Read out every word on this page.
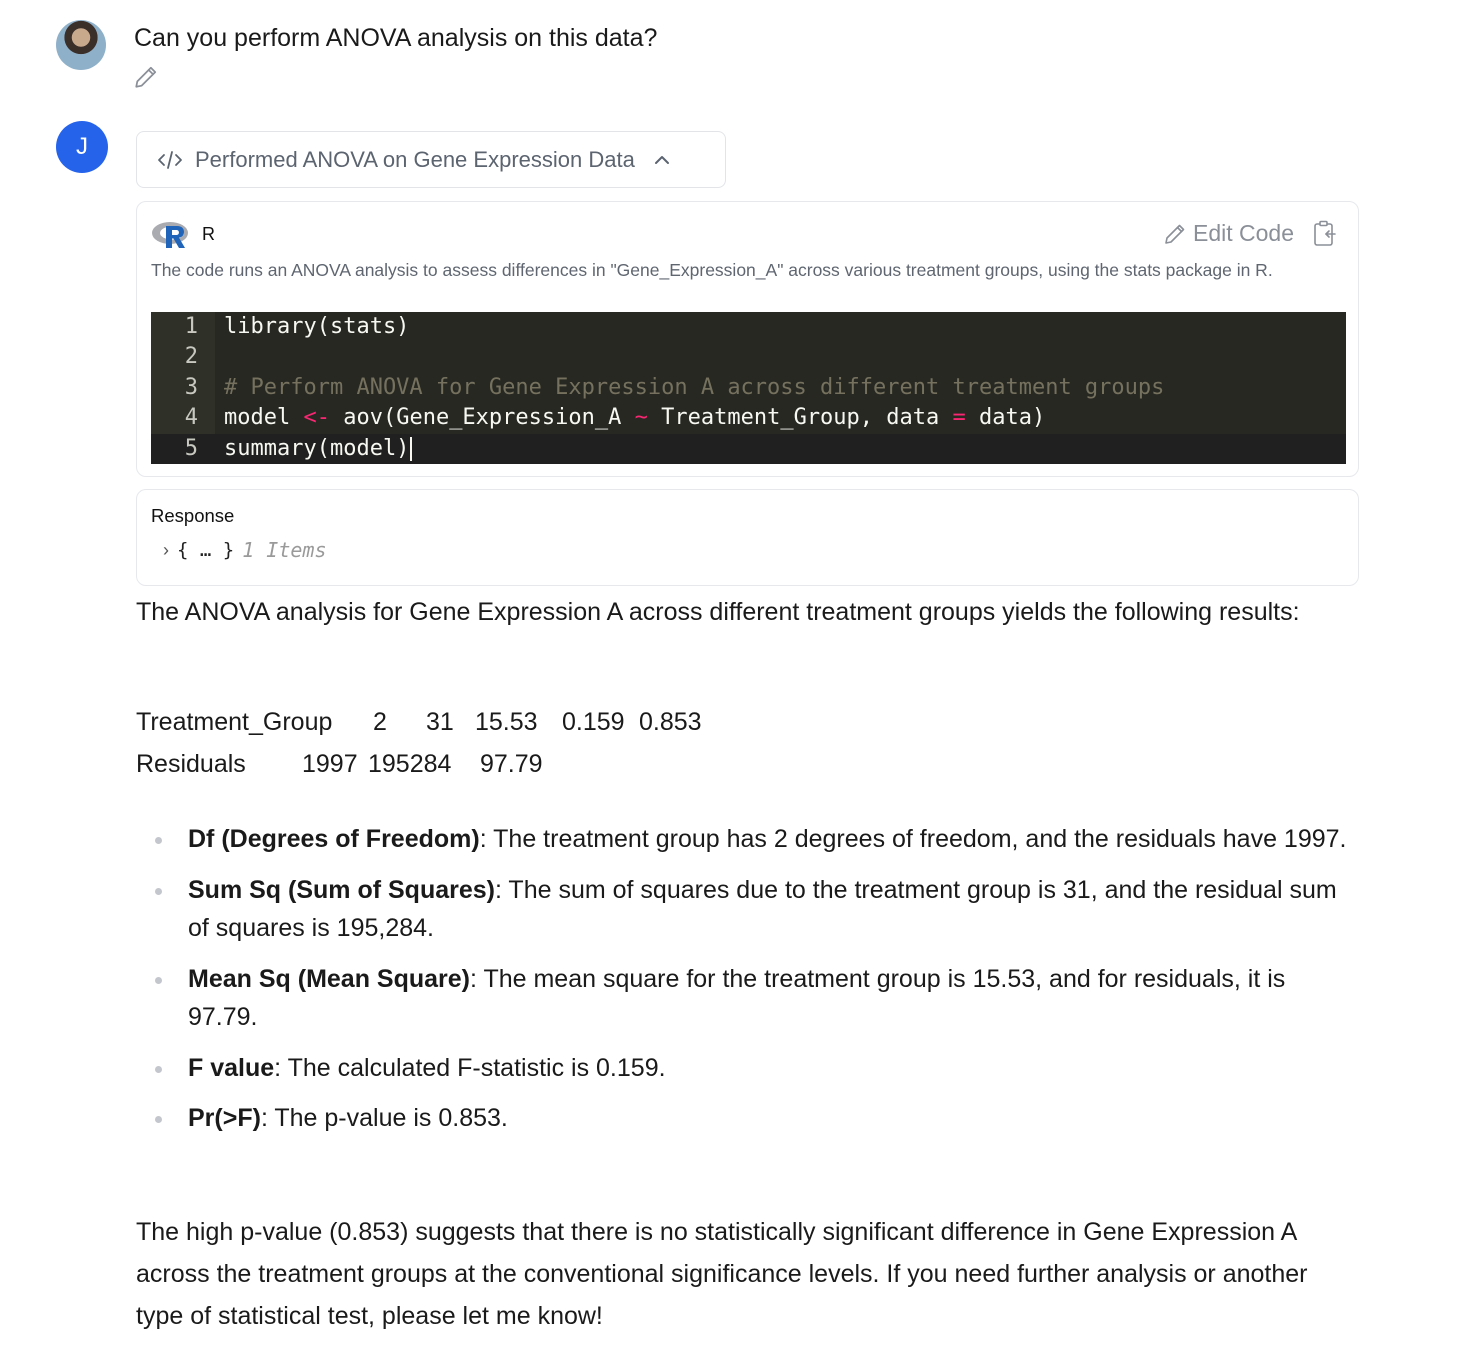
Can you perform ANOVA analysis on this data?
J	Performed ANOVA on Gene Expression Data
R	Edit Code
The code runs an ANOVA analysis to assess differences in "Gene_Expression_A" across various treatment groups, using the stats package in R.
1 library(stats)
2
3 # Perform ANOVA for Gene Expression A across different treatment groups
4 model <- aov(Gene_Expression_A ~ Treatment_Group, data = data)
5 summary(model)
Response
› { … } 1 Items
The ANOVA analysis for Gene Expression A across different treatment groups yields the following results:
Treatment_Group 2 31 15.53 0.159 0.853
Residuals 1997 195284 97.79
Df (Degrees of Freedom): The treatment group has 2 degrees of freedom, and the residuals have 1997.
Sum Sq (Sum of Squares): The sum of squares due to the treatment group is 31, and the residual sum of squares is 195,284.
Mean Sq (Mean Square): The mean square for the treatment group is 15.53, and for residuals, it is 97.79.
F value: The calculated F-statistic is 0.159.
Pr(>F): The p-value is 0.853.
The high p-value (0.853) suggests that there is no statistically significant difference in Gene Expression A across the treatment groups at the conventional significance levels. If you need further analysis or another type of statistical test, please let me know!
